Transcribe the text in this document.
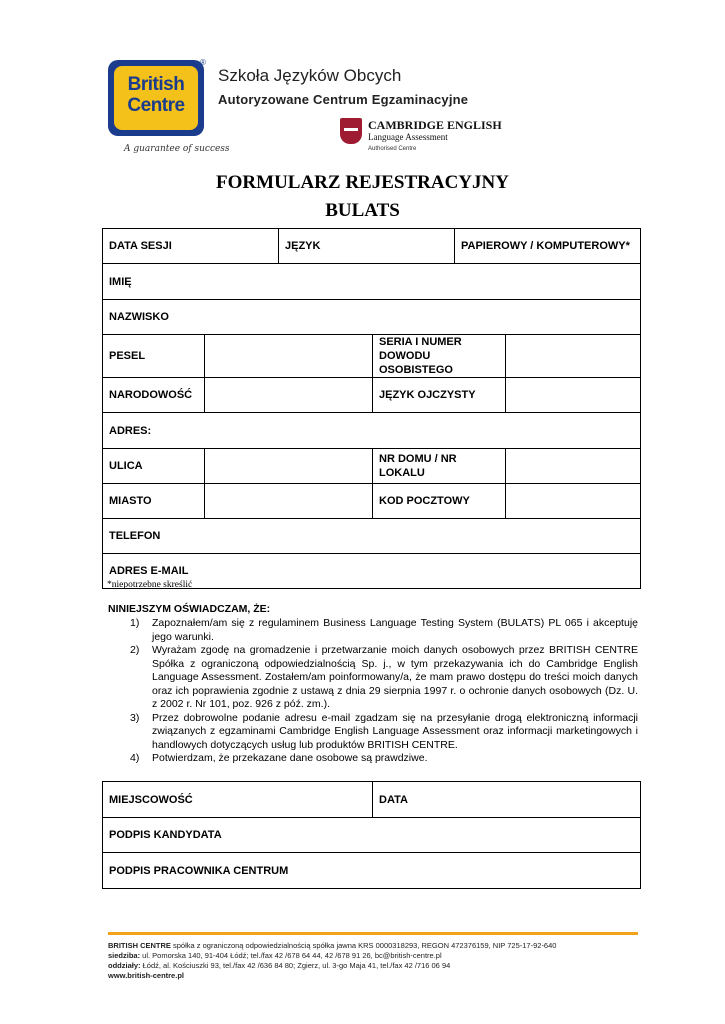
British Centre
®
A guarantee of success
Szkoła Języków Obcych
Autoryzowane Centrum Egzaminacyjne
CAMBRIDGE ENGLISH
Language Assessment
Authorised Centre
FORMULARZ REJESTRACYJNY
BULATS
DATA SESJI	JĘZYK	PAPIEROWY / KOMPUTEROWY*
IMIĘ			
NAZWISKO			
PESEL		SERIA I NUMER DOWODU OSOBISTEGO	
NARODOWOŚĆ		JĘZYK OJCZYSTY	
ADRES:			
ULICA		NR DOMU / NR LOKALU	
MIASTO		KOD POCZTOWY	
TELEFON			
ADRES E-MAIL			
*niepotrzebne skreślić
NINIEJSZYM OŚWIADCZAM, ŻE:
1) Zapoznałem/am się z regulaminem Business Language Testing System (BULATS) PL 065 i akceptuję jego warunki.
2) Wyrażam zgodę na gromadzenie i przetwarzanie moich danych osobowych przez BRITISH CENTRE Spółka z ograniczoną odpowiedzialnością Sp. j., w tym przekazywania ich do Cambridge English Language Assessment. Zostałem/am poinformowany/a, że mam prawo dostępu do treści moich danych oraz ich poprawienia zgodnie z ustawą z dnia 29 sierpnia 1997 r. o ochronie danych osobowych (Dz. U. z 2002 r. Nr 101, poz. 926 z póź. zm.).
3) Przez dobrowolne podanie adresu e-mail zgadzam się na przesyłanie drogą elektroniczną informacji związanych z egzaminami Cambridge English Language Assessment oraz informacji marketingowych i handlowych dotyczących usług lub produktów BRITISH CENTRE.
4) Potwierdzam, że przekazane dane osobowe są prawdziwe.
MIEJSCOWOŚĆ	DATA
PODPIS KANDYDATA
PODPIS PRACOWNIKA CENTRUM
BRITISH CENTRE spółka z ograniczoną odpowiedzialnością spółka jawna KRS 0000318293, REGON 472376159, NIP 725-17-92-640
siedziba: ul. Pomorska 140, 91-404 Łódź; tel./fax 42 /678 64 44, 42 /678 91 26, bc@british-centre.pl
oddziały: Łódź, al. Kościuszki 93, tel./fax 42 /636 84 80; Zgierz, ul. 3-go Maja 41, tel./fax 42 /716 06 94
www.british-centre.pl
